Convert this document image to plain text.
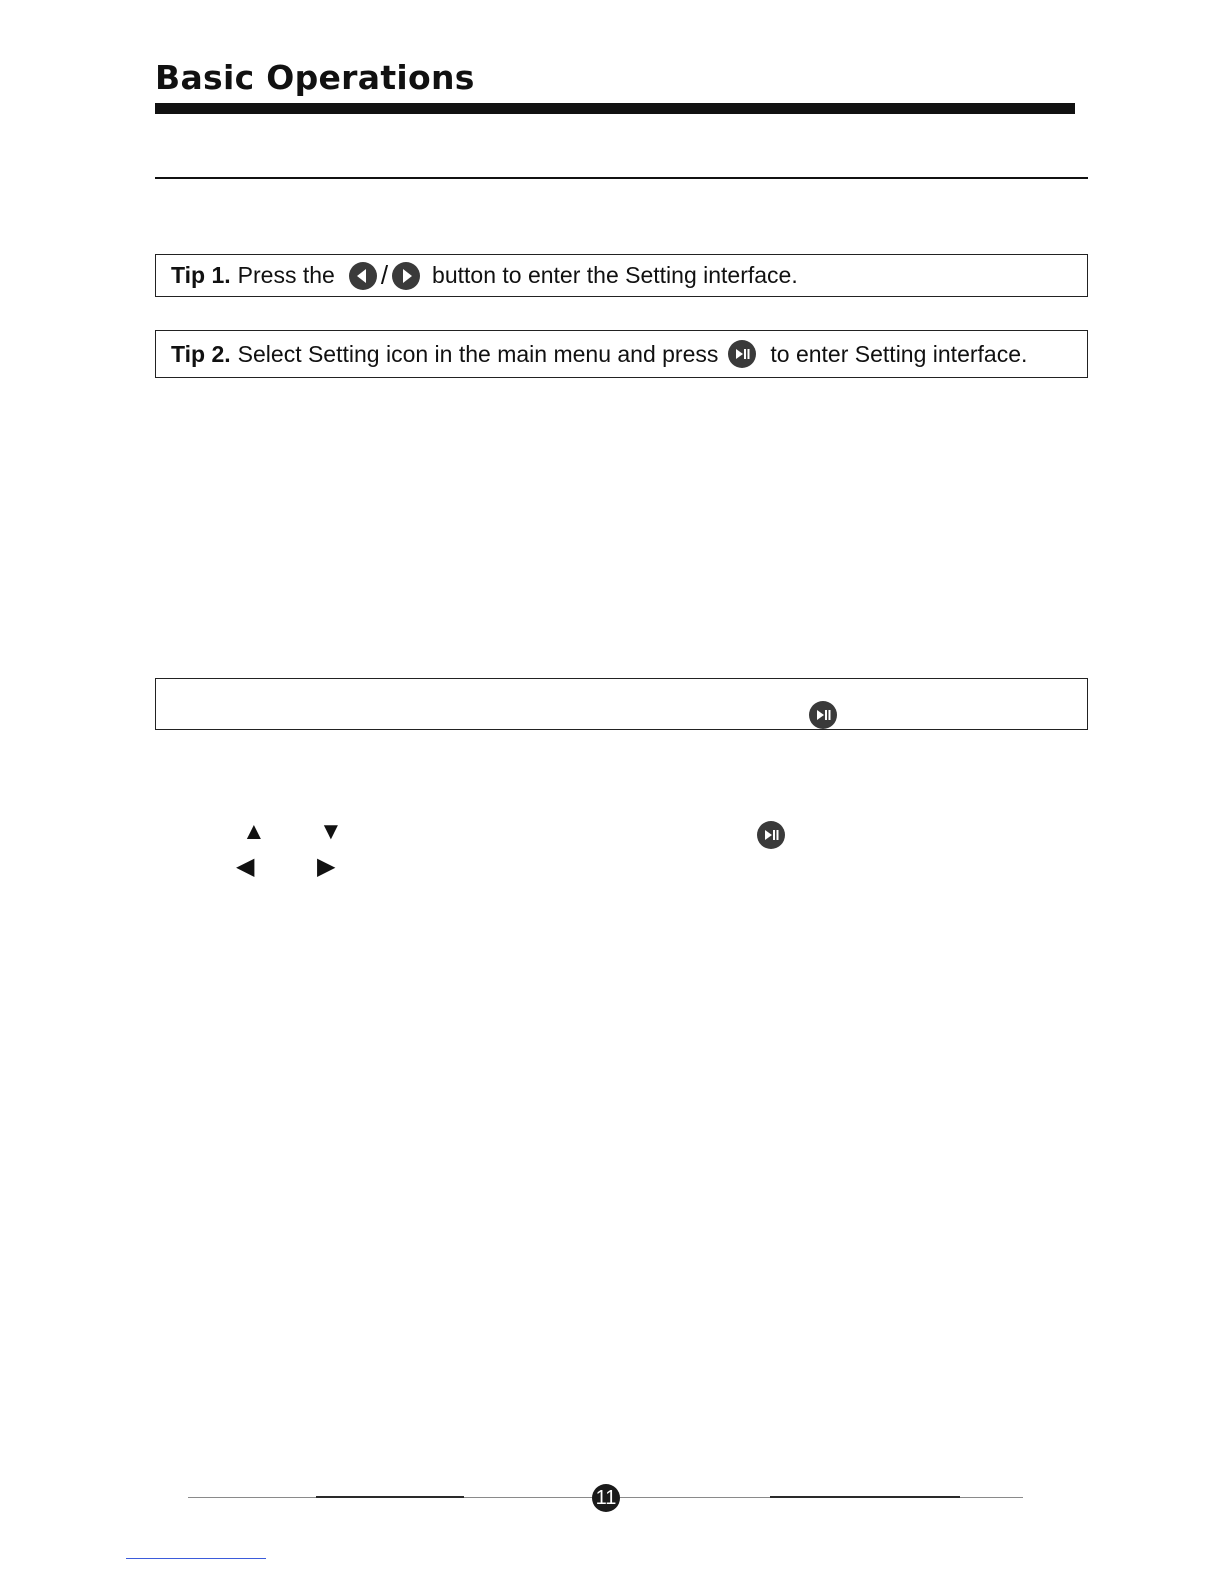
Basic Operations
Tip 1. Press the / button to enter the Setting interface.
Tip 2. Select Setting icon in the main menu and press to enter Setting interface.
▲ ▼
◀	▶
11
